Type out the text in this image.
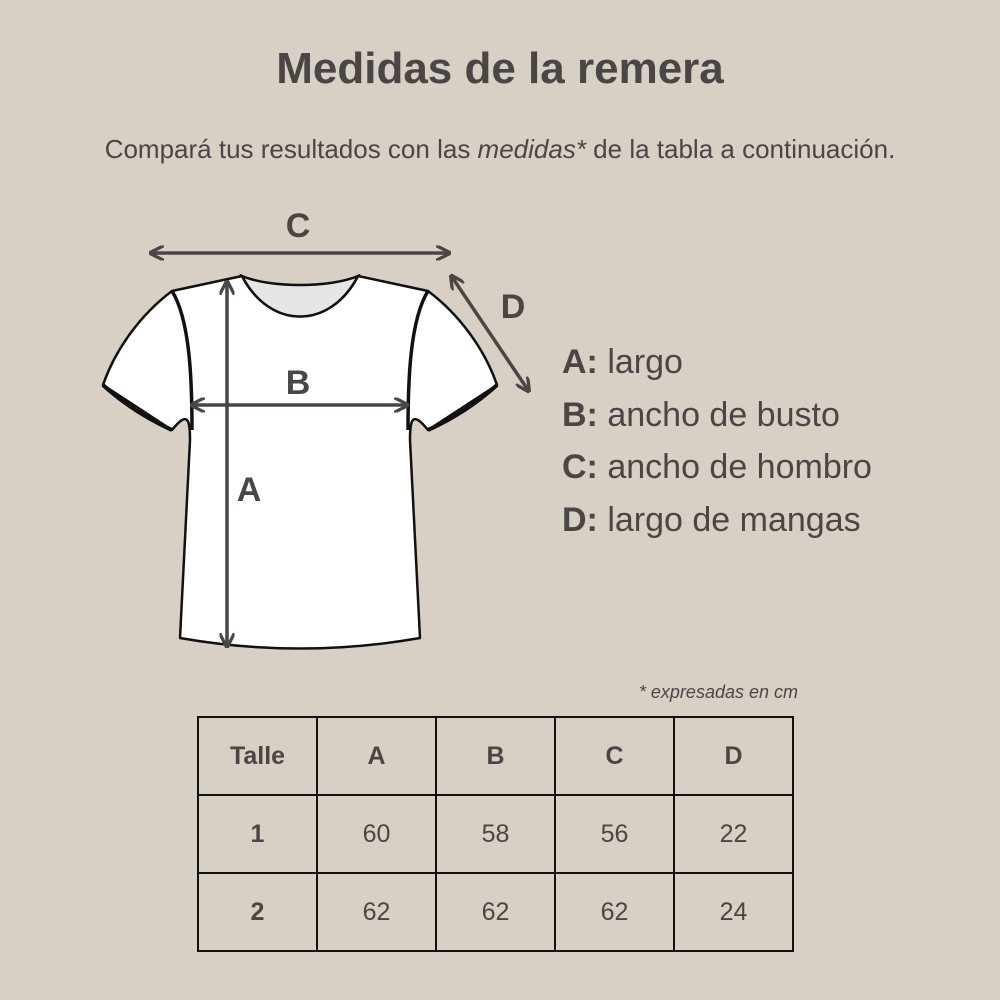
Medidas de la remera
Compará tus resultados con las medidas* de la tabla a continuación.
C
D
B
A
A: largo
B: ancho de busto
C: ancho de hombro
D: largo de mangas
* expresadas en cm
Talle	A	B	C	D
1	60	58	56	22
2	62	62	62	24
